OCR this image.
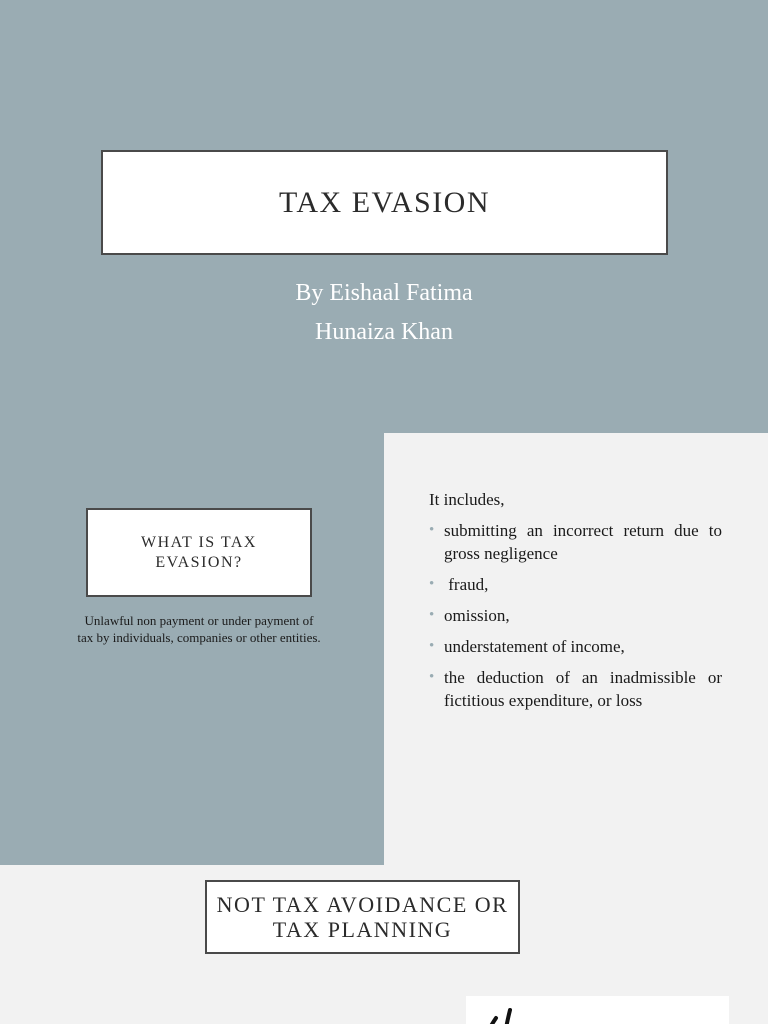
TAX EVASION
By Eishaal Fatima
Hunaiza Khan
WHAT IS TAX EVASION?
Unlawful non payment or under payment of tax by individuals, companies or other entities.

It includes,

• submitting an incorrect return due to gross negligence
•  fraud,
• omission,
• understatement of income,
• the deduction of an inadmissible or fictitious expenditure, or loss
NOT TAX AVOIDANCE OR TAX PLANNING
